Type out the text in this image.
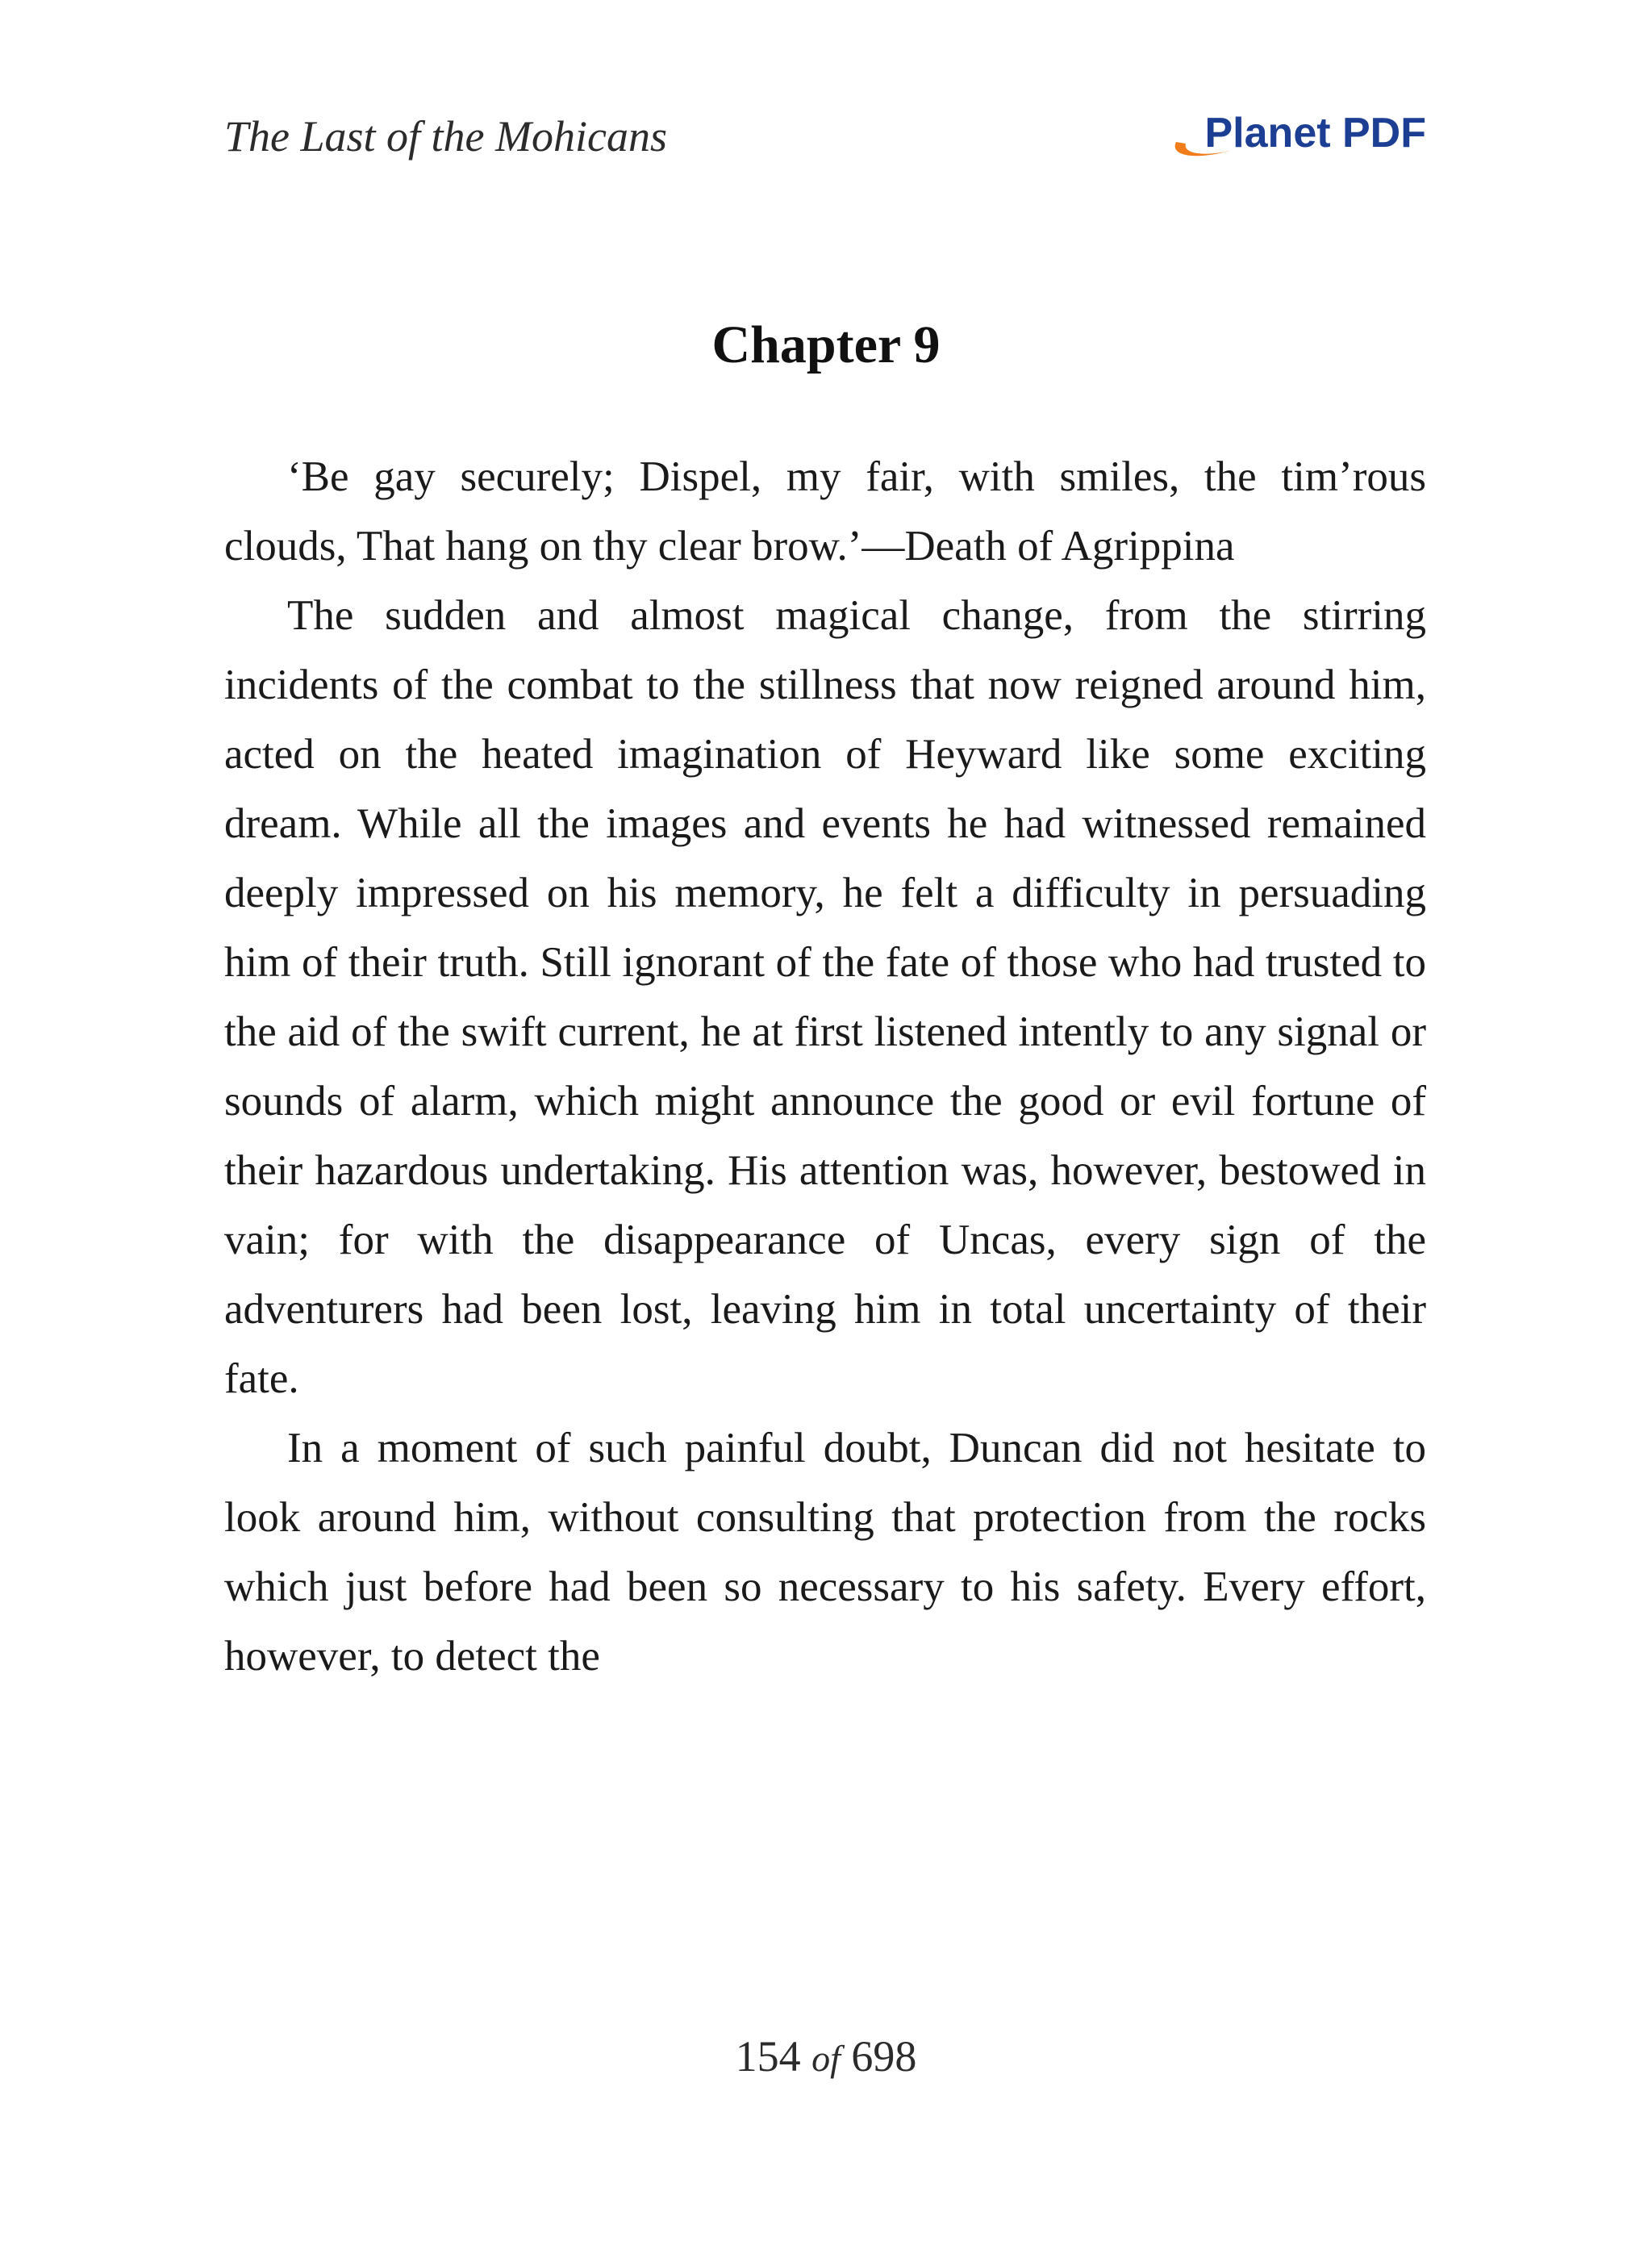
The Last of the Mohicans	Planet PDF
Chapter 9

‘Be gay securely; Dispel, my fair, with smiles, the tim’rous clouds, That hang on thy clear brow.’—Death of Agrippina

The sudden and almost magical change, from the stirring incidents of the combat to the stillness that now reigned around him, acted on the heated imagination of Heyward like some exciting dream. While all the images and events he had witnessed remained deeply impressed on his memory, he felt a difficulty in persuading him of their truth. Still ignorant of the fate of those who had trusted to the aid of the swift current, he at first listened intently to any signal or sounds of alarm, which might announce the good or evil fortune of their hazardous undertaking. His attention was, however, bestowed in vain; for with the disappearance of Uncas, every sign of the adventurers had been lost, leaving him in total uncertainty of their fate.

In a moment of such painful doubt, Duncan did not hesitate to look around him, without consulting that protection from the rocks which just before had been so necessary to his safety. Every effort, however, to detect the

154 of 698
